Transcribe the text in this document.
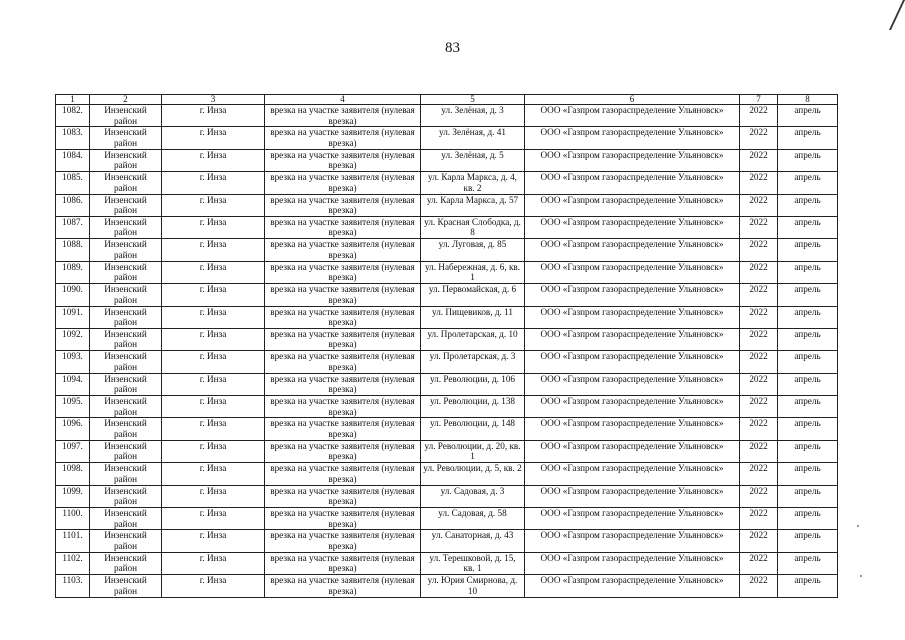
83
1	2	3	4	5	6	7	8
1082.	Инзенский район	г. Инза	врезка на участке заявителя (нулевая врезка)	ул. Зелёная, д. 3	ООО «Газпром газораспределение Ульяновск»	2022	апрель
1083.	Инзенский район	г. Инза	врезка на участке заявителя (нулевая врезка)	ул. Зелёная, д. 41	ООО «Газпром газораспределение Ульяновск»	2022	апрель
1084.	Инзенский район	г. Инза	врезка на участке заявителя (нулевая врезка)	ул. Зелёная, д. 5	ООО «Газпром газораспределение Ульяновск»	2022	апрель
1085.	Инзенский район	г. Инза	врезка на участке заявителя (нулевая врезка)	ул. Карла Маркса, д. 4, кв. 2	ООО «Газпром газораспределение Ульяновск»	2022	апрель
1086.	Инзенский район	г. Инза	врезка на участке заявителя (нулевая врезка)	ул. Карла Маркса, д. 57	ООО «Газпром газораспределение Ульяновск»	2022	апрель
1087.	Инзенский район	г. Инза	врезка на участке заявителя (нулевая врезка)	ул. Красная Слободка, д. 8	ООО «Газпром газораспределение Ульяновск»	2022	апрель
1088.	Инзенский район	г. Инза	врезка на участке заявителя (нулевая врезка)	ул. Луговая, д. 85	ООО «Газпром газораспределение Ульяновск»	2022	апрель
1089.	Инзенский район	г. Инза	врезка на участке заявителя (нулевая врезка)	ул. Набережная, д. 6, кв. 1	ООО «Газпром газораспределение Ульяновск»	2022	апрель
1090.	Инзенский район	г. Инза	врезка на участке заявителя (нулевая врезка)	ул. Первомайская, д. 6	ООО «Газпром газораспределение Ульяновск»	2022	апрель
1091.	Инзенский район	г. Инза	врезка на участке заявителя (нулевая врезка)	ул. Пищевиков, д. 11	ООО «Газпром газораспределение Ульяновск»	2022	апрель
1092.	Инзенский район	г. Инза	врезка на участке заявителя (нулевая врезка)	ул. Пролетарская, д. 10	ООО «Газпром газораспределение Ульяновск»	2022	апрель
1093.	Инзенский район	г. Инза	врезка на участке заявителя (нулевая врезка)	ул. Пролетарская, д. 3	ООО «Газпром газораспределение Ульяновск»	2022	апрель
1094.	Инзенский район	г. Инза	врезка на участке заявителя (нулевая врезка)	ул. Революции, д. 106	ООО «Газпром газораспределение Ульяновск»	2022	апрель
1095.	Инзенский район	г. Инза	врезка на участке заявителя (нулевая врезка)	ул. Революции, д. 138	ООО «Газпром газораспределение Ульяновск»	2022	апрель
1096.	Инзенский район	г. Инза	врезка на участке заявителя (нулевая врезка)	ул. Революции, д. 148	ООО «Газпром газораспределение Ульяновск»	2022	апрель
1097.	Инзенский район	г. Инза	врезка на участке заявителя (нулевая врезка)	ул. Революции, д. 20, кв. 1	ООО «Газпром газораспределение Ульяновск»	2022	апрель
1098.	Инзенский район	г. Инза	врезка на участке заявителя (нулевая врезка)	ул. Революции, д. 5, кв. 2	ООО «Газпром газораспределение Ульяновск»	2022	апрель
1099.	Инзенский район	г. Инза	врезка на участке заявителя (нулевая врезка)	ул. Садовая, д. 3	ООО «Газпром газораспределение Ульяновск»	2022	апрель
1100.	Инзенский район	г. Инза	врезка на участке заявителя (нулевая врезка)	ул. Садовая, д. 58	ООО «Газпром газораспределение Ульяновск»	2022	апрель
1101.	Инзенский район	г. Инза	врезка на участке заявителя (нулевая врезка)	ул. Санаторная, д. 43	ООО «Газпром газораспределение Ульяновск»	2022	апрель
1102.	Инзенский район	г. Инза	врезка на участке заявителя (нулевая врезка)	ул. Терешковой, д. 15, кв. 1	ООО «Газпром газораспределение Ульяновск»	2022	апрель
1103.	Инзенский район	г. Инза	врезка на участке заявителя (нулевая врезка)	ул. Юрия Смирнова, д. 10	ООО «Газпром газораспределение Ульяновск»	2022	апрель
